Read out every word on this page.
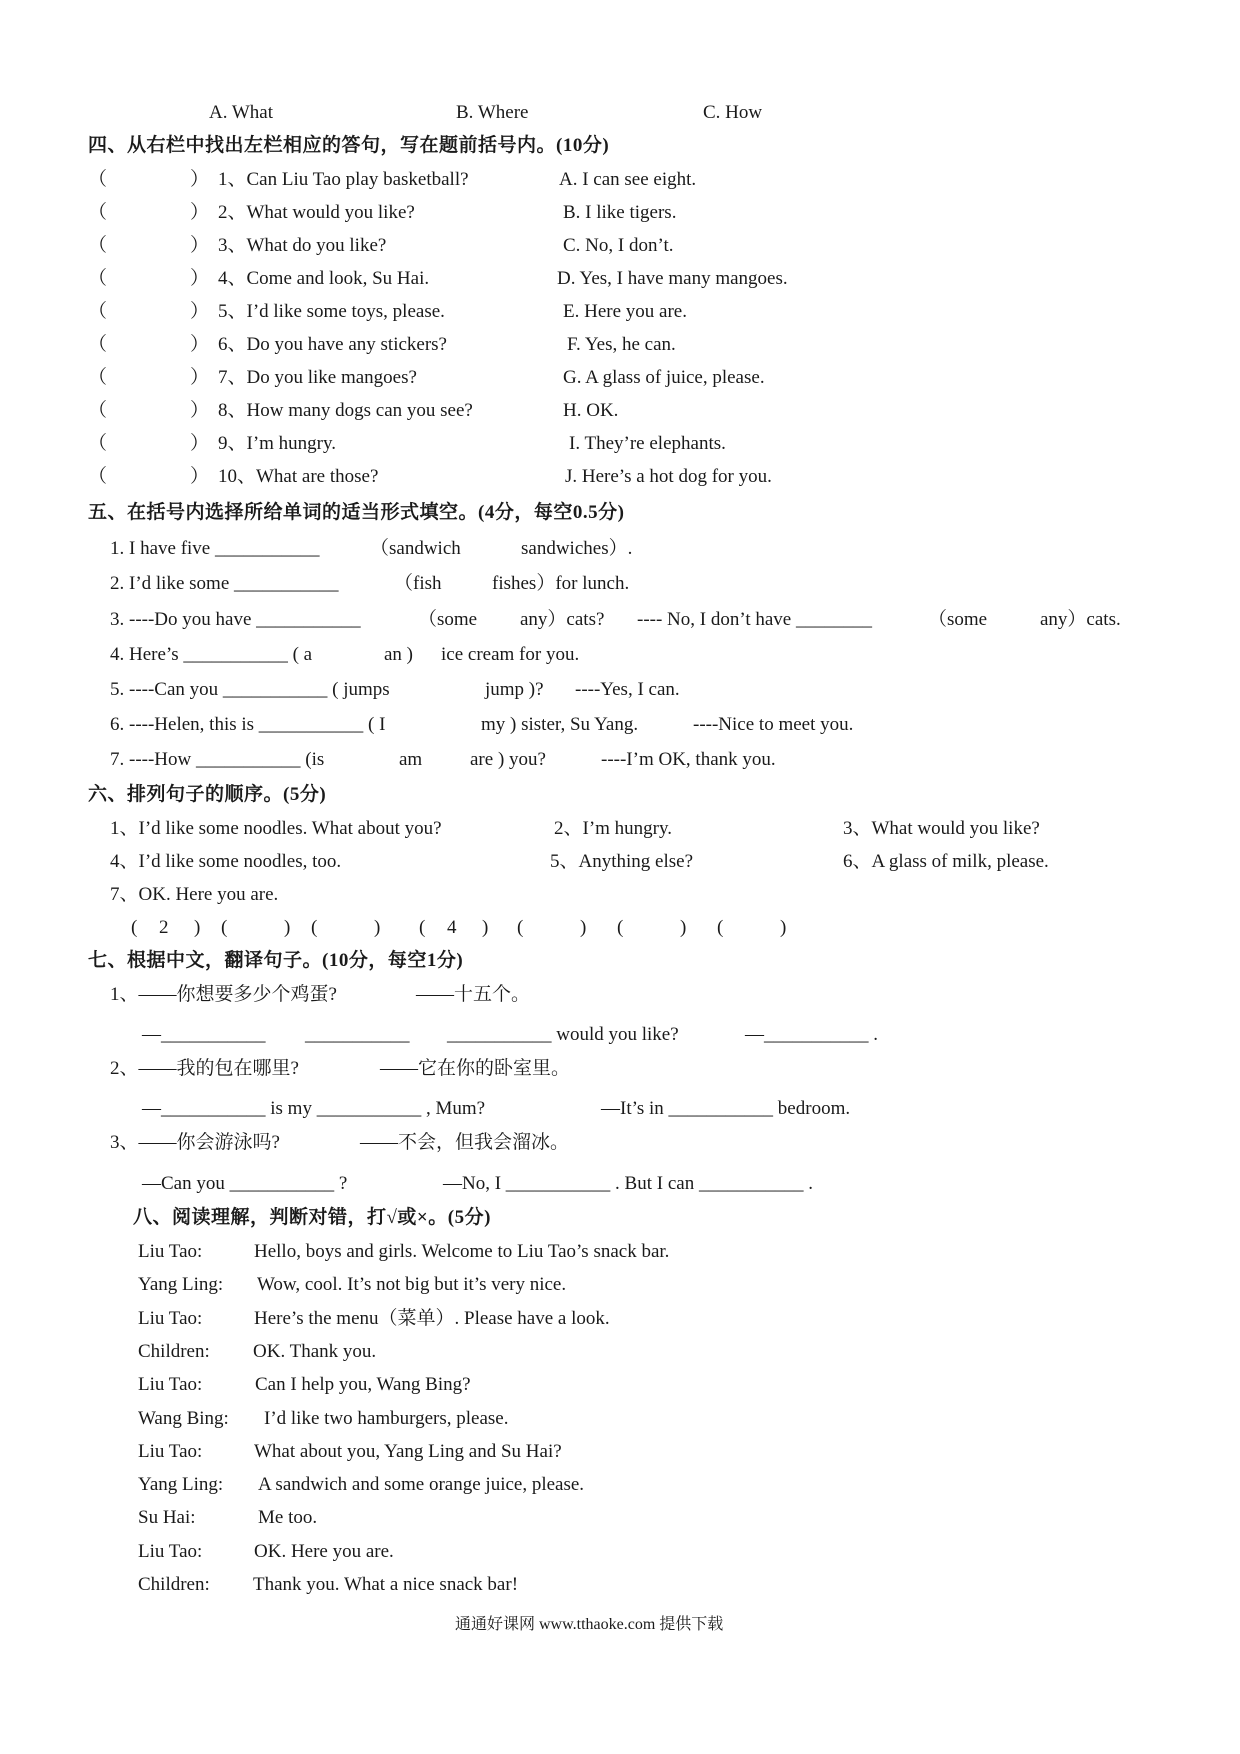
A. What	B. Where	C. How
四、从右栏中找出左栏相应的答句，写在题前括号内。(10分)
（	） 1、Can Liu Tao play basketball?	A. I can see eight.
（	） 2、What would you like?	B. I like tigers.
（	） 3、What do you like?	C. No, I don’t.
（	） 4、Come and look, Su Hai.	D. Yes, I have many mangoes.
（	） 5、I’d like some toys, please.	E. Here you are.
（	） 6、Do you have any stickers?	F. Yes, he can.
（	） 7、Do you like mangoes?	G. A glass of juice, please.
（	） 8、How many dogs can you see?	H. OK.
（	） 9、I’m hungry.	I. They’re elephants.
（	） 10、What are those?	J. Here’s a hot dog for you.
五、在括号内选择所给单词的适当形式填空。(4分，每空0.5分)
1. I have five ___________	（sandwich	sandwiches）.
2. I’d like some ___________	（fish	fishes）for lunch.
3. ----Do you have ___________	（some any）cats? ---- No, I don’t have ________	（some	any）cats.
4. Here’s ___________ ( a	an ) ice cream for you.
5. ----Can you ___________ ( jumps	jump )? ----Yes, I can.
6. ----Helen, this is ___________ ( I	my ) sister, Su Yang.	----Nice to meet you.
7. ----How ___________ (is	am	are ) you?	----I’m OK, thank you.
六、排列句子的顺序。(5分)
1、I’d like some noodles. What about you?	2、I’m hungry.	3、What would you like?
4、I’d like some noodles, too.	5、Anything else?	6、A glass of milk, please.
7、OK. Here you are.
( 2 ) (	) (	) ( 4 ) (	) (	) (	)
七、根据中文，翻译句子。(10分，每空1分)
1、——你想要多少个鸡蛋?	——十五个。
—___________ ___________ ___________ would you like?	—___________ .
2、——我的包在哪里?	——它在你的卧室里。
—___________ is my ___________ , Mum?	—It’s in ___________ bedroom.
3、——你会游泳吗?	——不会，但我会溜冰。
—Can you ___________ ?	—No, I ___________ . But I can ___________ .
八、阅读理解，判断对错，打√或×。(5分)
Liu Tao:	Hello, boys and girls. Welcome to Liu Tao’s snack bar.
Yang Ling: Wow, cool. It’s not big but it’s very nice.
Liu Tao:	Here’s the menu（菜单）. Please have a look.
Children: OK. Thank you.
Liu Tao:	Can I help you, Wang Bing?
Wang Bing: I’d like two hamburgers, please.
Liu Tao:	What about you, Yang Ling and Su Hai?
Yang Ling: A sandwich and some orange juice, please.
Su Hai:	Me too.
Liu Tao:	OK. Here you are.
Children: Thank you. What a nice snack bar!
通通好课网 www.tthaoke.com 提供下载
